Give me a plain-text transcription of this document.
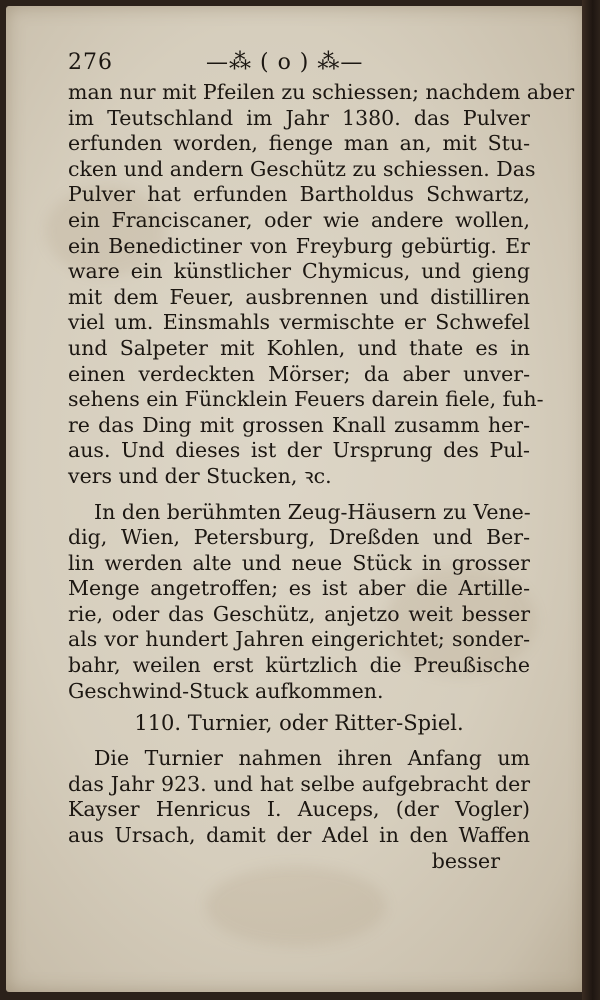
276	—⁂ ( o ) ⁂—
man nur mit Pfeilen zu schiessen; nachdem aber
im Teutschland im Jahr 1380. das Pulver
erfunden worden, fienge man an, mit Stu-
cken und andern Geschütz zu schiessen. Das
Pulver hat erfunden Bartholdus Schwartz,
ein Franciscaner, oder wie andere wollen,
ein Benedictiner von Freyburg gebürtig. Er
ware ein künstlicher Chymicus, und gieng
mit dem Feuer, ausbrennen und distilliren
viel um. Einsmahls vermischte er Schwefel
und Salpeter mit Kohlen, und thate es in
einen verdeckten Mörser; da aber unver-
sehens ein Füncklein Feuers darein fiele, fuh-
re das Ding mit grossen Knall zusamm her-
aus. Und dieses ist der Ursprung des Pul-
vers und der Stucken, ꝛc.
In den berühmten Zeug-Häusern zu Vene-
dig, Wien, Petersburg, Dreßden und Ber-
lin werden alte und neue Stück in grosser
Menge angetroffen; es ist aber die Artille-
rie, oder das Geschütz, anjetzo weit besser
als vor hundert Jahren eingerichtet; sonder-
bahr, weilen erst kürtzlich die Preußische
Geschwind-Stuck aufkommen.
110. Turnier, oder Ritter-Spiel.
Die Turnier nahmen ihren Anfang um
das Jahr 923. und hat selbe aufgebracht der
Kayser Henricus I. Auceps, (der Vogler)
aus Ursach, damit der Adel in den Waffen
besser
